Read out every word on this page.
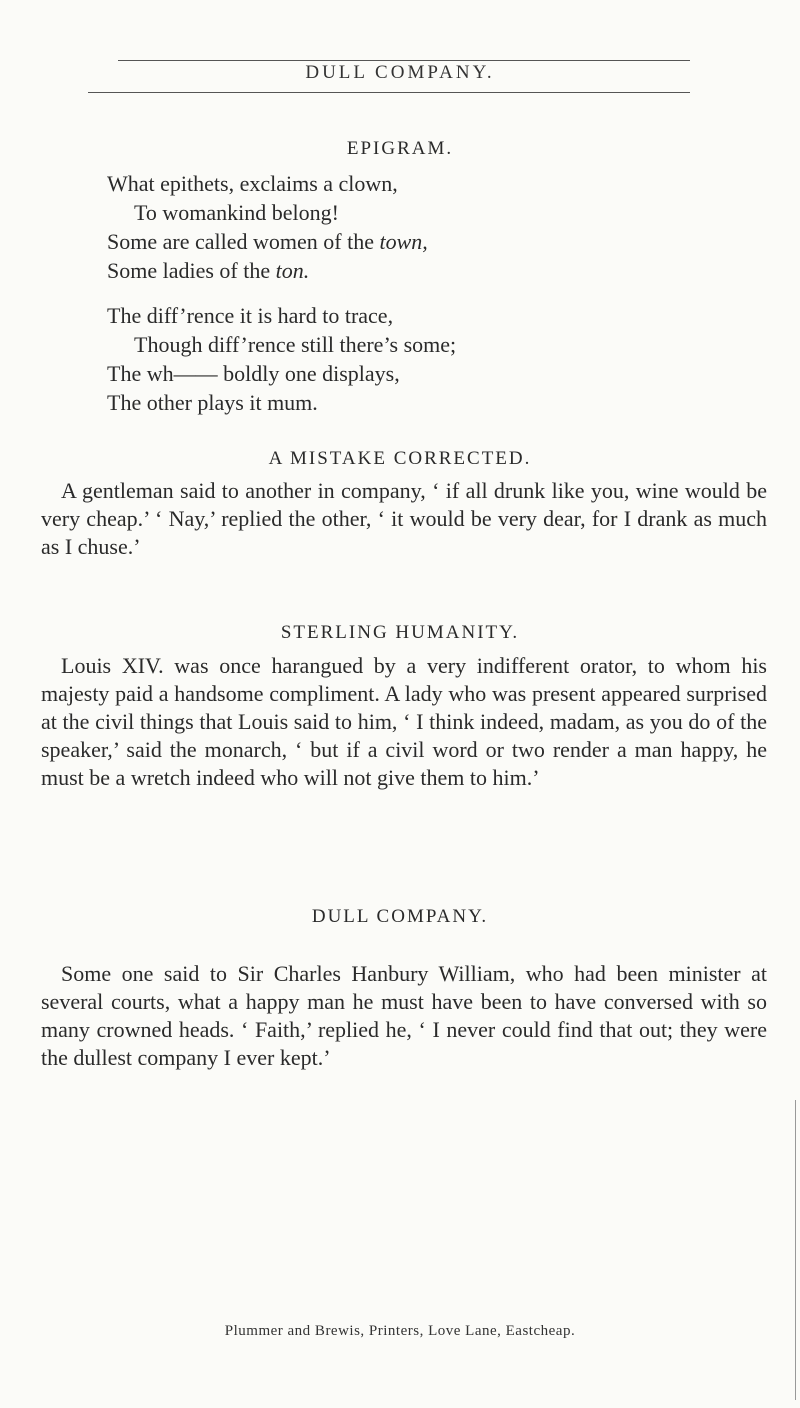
DULL COMPANY.
EPIGRAM.
What epithets, exclaims a clown,
To womankind belong!
Some are called women of the town,
Some ladies of the ton.
The diff’rence it is hard to trace,
Though diff’rence still there’s some;
The wh—— boldly one displays,
The other plays it mum.
A MISTAKE CORRECTED.

A gentleman said to another in company, ‘ if all drunk like you, wine would be very cheap.’ ‘ Nay,’ replied the other, ‘ it would be very dear, for I drank as much as I chuse.’

STERLING HUMANITY.

Louis XIV. was once harangued by a very indifferent orator, to whom his majesty paid a handsome compliment. A lady who was present appeared surprised at the civil things that Louis said to him, ‘ I think indeed, madam, as you do of the speaker,’ said the monarch, ‘ but if a civil word or two render a man happy, he must be a wretch indeed who will not give them to him.’

DULL COMPANY.

Some one said to Sir Charles Hanbury William, who had been minister at several courts, what a happy man he must have been to have conversed with so many crowned heads. ‘ Faith,’ replied he, ‘ I never could find that out; they were the dullest company I ever kept.’

Plummer and Brewis, Printers, Love Lane, Eastcheap.
